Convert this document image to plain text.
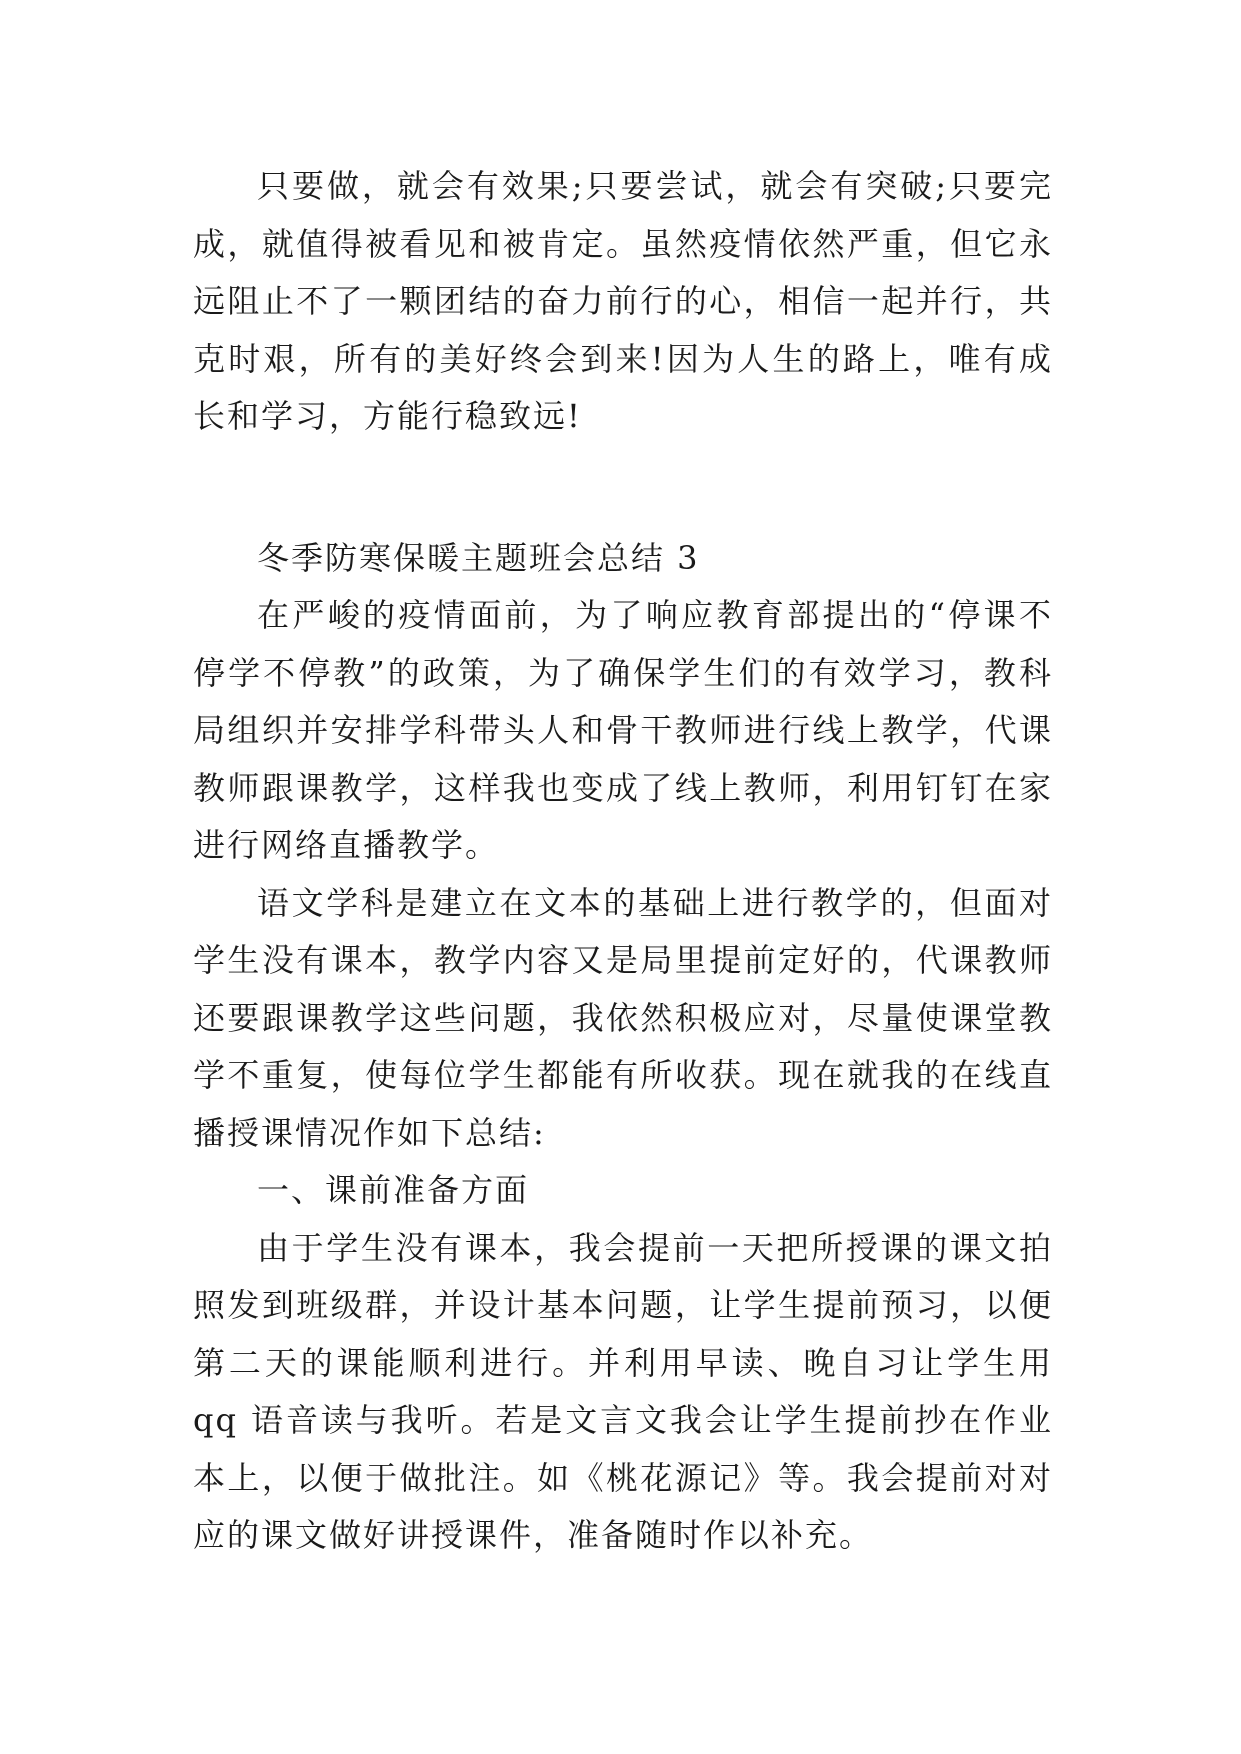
只要做，就会有效果;只要尝试，就会有突破;只要完成，就值得被看见和被肯定。虽然疫情依然严重，但它永远阻止不了一颗团结的奋力前行的心，相信一起并行，共克时艰，所有的美好终会到来!因为人生的路上，唯有成长和学习，方能行稳致远!

冬季防寒保暖主题班会总结 3

在严峻的疫情面前，为了响应教育部提出的“停课不停学不停教”的政策，为了确保学生们的有效学习，教科局组织并安排学科带头人和骨干教师进行线上教学，代课教师跟课教学，这样我也变成了线上教师，利用钉钉在家进行网络直播教学。

语文学科是建立在文本的基础上进行教学的，但面对学生没有课本，教学内容又是局里提前定好的，代课教师还要跟课教学这些问题，我依然积极应对，尽量使课堂教学不重复，使每位学生都能有所收获。现在就我的在线直播授课情况作如下总结:

一、课前准备方面

由于学生没有课本，我会提前一天把所授课的课文拍照发到班级群，并设计基本问题，让学生提前预习，以便第二天的课能顺利进行。并利用早读、晚自习让学生用 qq 语音读与我听。若是文言文我会让学生提前抄在作业本上，以便于做批注。如《桃花源记》等。我会提前对对应的课文做好讲授课件，准备随时作以补充。
